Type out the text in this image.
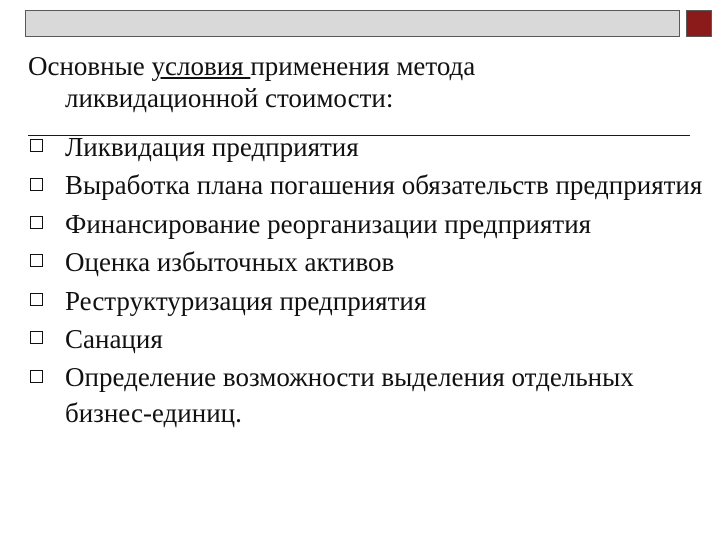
Основные условия применения метода
ликвидационной стоимости:
Ликвидация предприятия
Выработка плана погашения обязательств предприятия
Финансирование реорганизации предприятия
Оценка избыточных активов
Реструктуризация предприятия
Санация
Определение возможности выделения отдельных бизнес-единиц.
